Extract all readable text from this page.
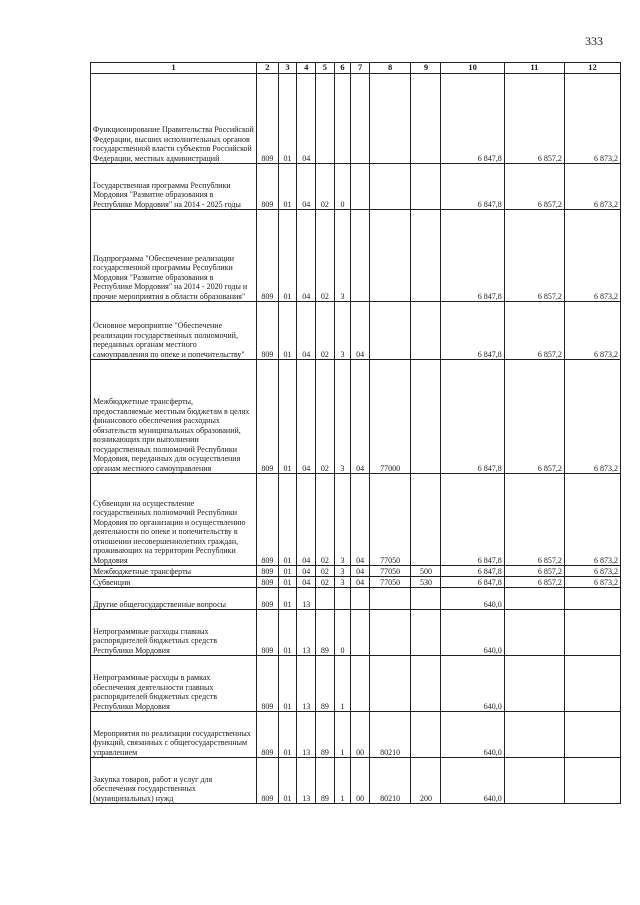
333
1	2	3	4	5	6	7	8	9	10	11	12
Функционирование Правительства Российской Федерации, высших исполнительных органов государственной власти субъектов Российской Федерации, местных администраций	809	01	04						6 847,8	6 857,2	6 873,2
Государственная программа Республики Мордовия "Развитие образования в Республике Мордовия" на 2014 - 2025 годы	809	01	04	02	0				6 847,8	6 857,2	6 873,2
Подпрограмма "Обеспечение реализации государственной программы Республики Мордовия "Развитие образования в Республике Мордовия" на 2014 - 2020 годы и прочие мероприятия в области образования"	809	01	04	02	3				6 847,8	6 857,2	6 873,2
Основное мероприятие "Обеспечение реализации государственных полномочий, переданных органам местного самоуправления по опеке и попечительству"	809	01	04	02	3	04			6 847,8	6 857,2	6 873,2
Межбюджетные трансферты, предоставляемые местным бюджетам в целях финансового обеспечения расходных обязательств муниципальных образований, возникающих при выполнении государственных полномочий Республики Мордовия, переданных для осуществления органам местного самоуправления	809	01	04	02	3	04	77000		6 847,8	6 857,2	6 873,2
Субвенции на осуществление государственных полномочий Республики Мордовия по организации и осуществлению деятельности по опеке и попечительству в отношении несовершеннолетних граждан, проживающих на территории Республики Мордовия	809	01	04	02	3	04	77050		6 847,8	6 857,2	6 873,2
Межбюджетные трансферты	809	01	04	02	3	04	77050	500	6 847,8	6 857,2	6 873,2
Субвенции	809	01	04	02	3	04	77050	530	6 847,8	6 857,2	6 873,2
Другие общегосударственные вопросы	809	01	13						640,0		
Непрограммные расходы главных распорядителей бюджетных средств Республики Мордовия	809	01	13	89	0				640,0		
Непрограммные расходы в рамках обеспечения деятельности главных распорядителей бюджетных средств Республики Мордовия	809	01	13	89	1				640,0		
Мероприятия по реализации государственных функций, связанных с общегосударственным управлением	809	01	13	89	1	00	80210		640,0		
Закупка товаров, работ и услуг для обеспечения государственных (муниципальных) нужд	809	01	13	89	1	00	80210	200	640,0		
